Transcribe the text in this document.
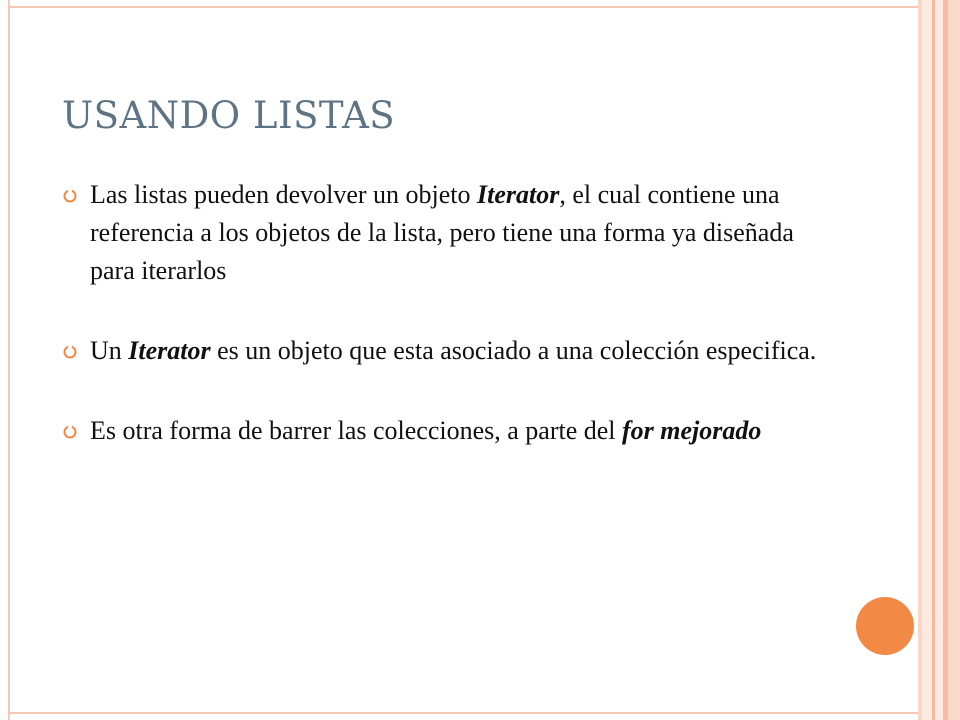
USANDO LISTAS
Las listas pueden devolver un objeto Iterator, el cual contiene una referencia a los objetos de la lista, pero tiene una forma ya diseñada para iterarlos
Un Iterator es un objeto que esta asociado a una colección especifica.
Es otra forma de barrer las colecciones, a parte del for mejorado
